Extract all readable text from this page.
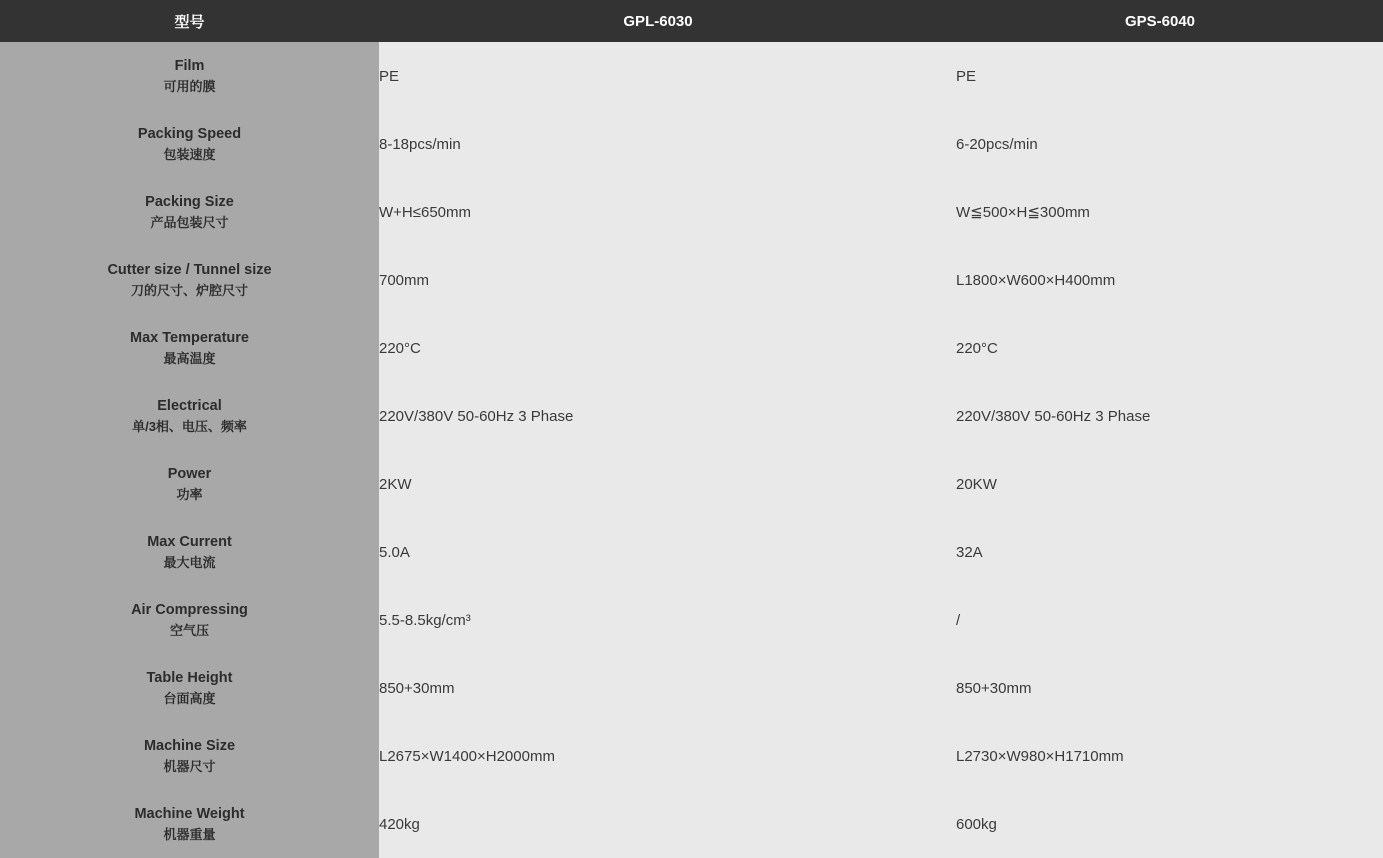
型号	GPL-6030	GPS-6040

Film
可用的膜	PE	PE

Packing Speed
包装速度	8-18pcs/min	6-20pcs/min

Packing Size
产品包装尺寸	W+H≤650mm	W≦500×H≦300mm

Cutter size / Tunnel size
刀的尺寸、炉腔尺寸	700mm	L1800×W600×H400mm

Max Temperature
最高温度	220°C	220°C

Electrical
单/3相、电压、频率	220V/380V 50-60Hz 3 Phase	220V/380V 50-60Hz 3 Phase

Power
功率	2KW	20KW

Max Current
最大电流	5.0A	32A

Air Compressing
空气压	5.5-8.5kg/cm³	/

Table Height
台面高度	850+30mm	850+30mm

Machine Size
机器尺寸	L2675×W1400×H2000mm	L2730×W980×H1710mm

Machine Weight
机器重量	420kg	600kg
